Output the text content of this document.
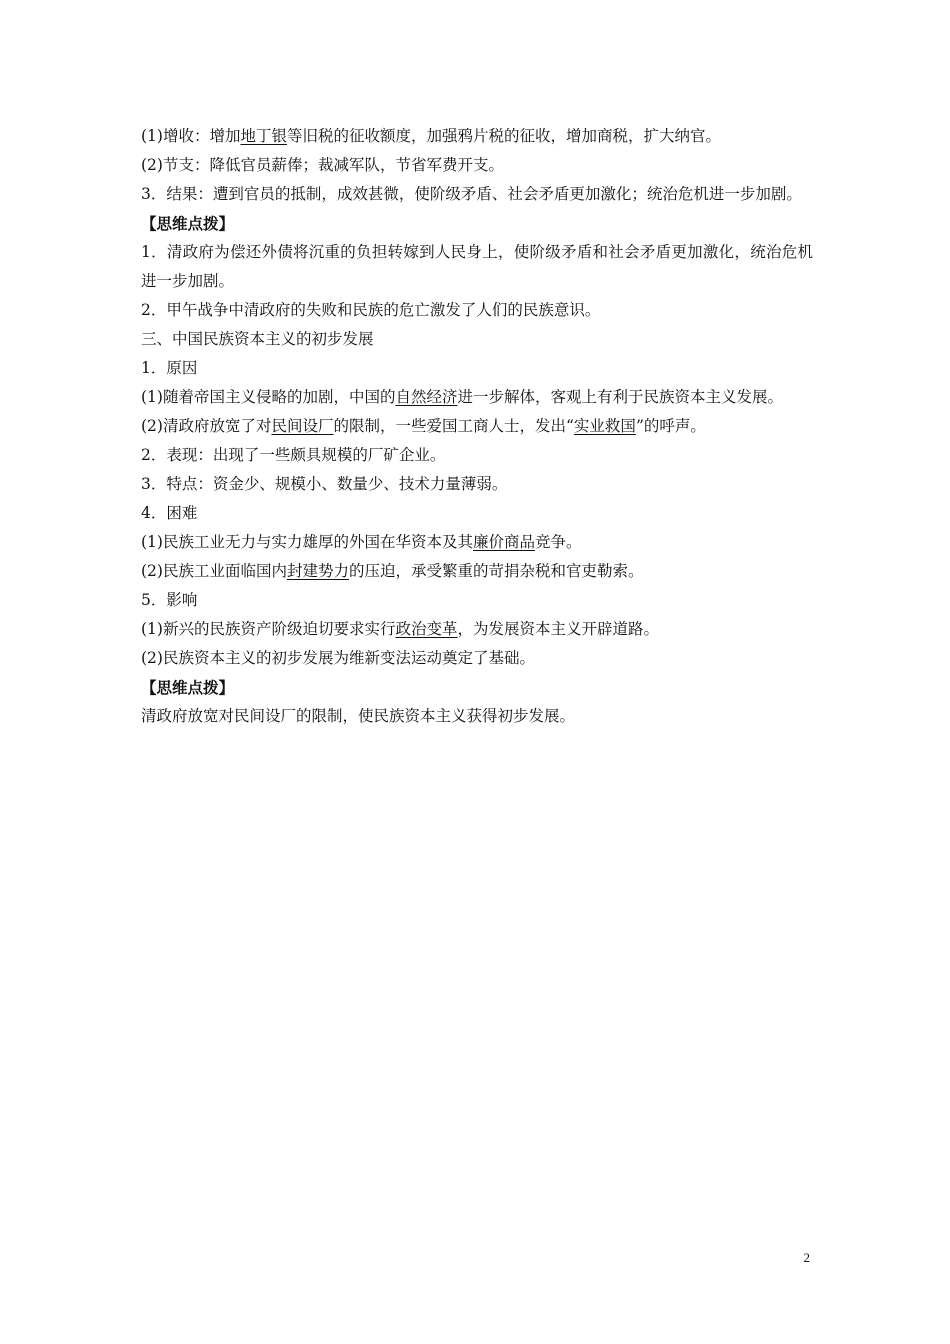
(1)增收：增加地丁银等旧税的征收额度，加强鸦片税的征收，增加商税，扩大纳官。
(2)节支：降低官员薪俸；裁减军队，节省军费开支。
3．结果：遭到官员的抵制，成效甚微，使阶级矛盾、社会矛盾更加激化；统治危机进一步加剧。
【思维点拨】
1．清政府为偿还外债将沉重的负担转嫁到人民身上，使阶级矛盾和社会矛盾更加激化，统治危机进一步加剧。
2．甲午战争中清政府的失败和民族的危亡激发了人们的民族意识。
三、中国民族资本主义的初步发展
1．原因
(1)随着帝国主义侵略的加剧，中国的自然经济进一步解体，客观上有利于民族资本主义发展。
(2)清政府放宽了对民间设厂的限制，一些爱国工商人士，发出“实业救国”的呼声。
2．表现：出现了一些颇具规模的厂矿企业。
3．特点：资金少、规模小、数量少、技术力量薄弱。
4．困难
(1)民族工业无力与实力雄厚的外国在华资本及其廉价商品竞争。
(2)民族工业面临国内封建势力的压迫，承受繁重的苛捐杂税和官吏勒索。
5．影响
(1)新兴的民族资产阶级迫切要求实行政治变革，为发展资本主义开辟道路。
(2)民族资本主义的初步发展为维新变法运动奠定了基础。
【思维点拨】
清政府放宽对民间设厂的限制，使民族资本主义获得初步发展。
2
